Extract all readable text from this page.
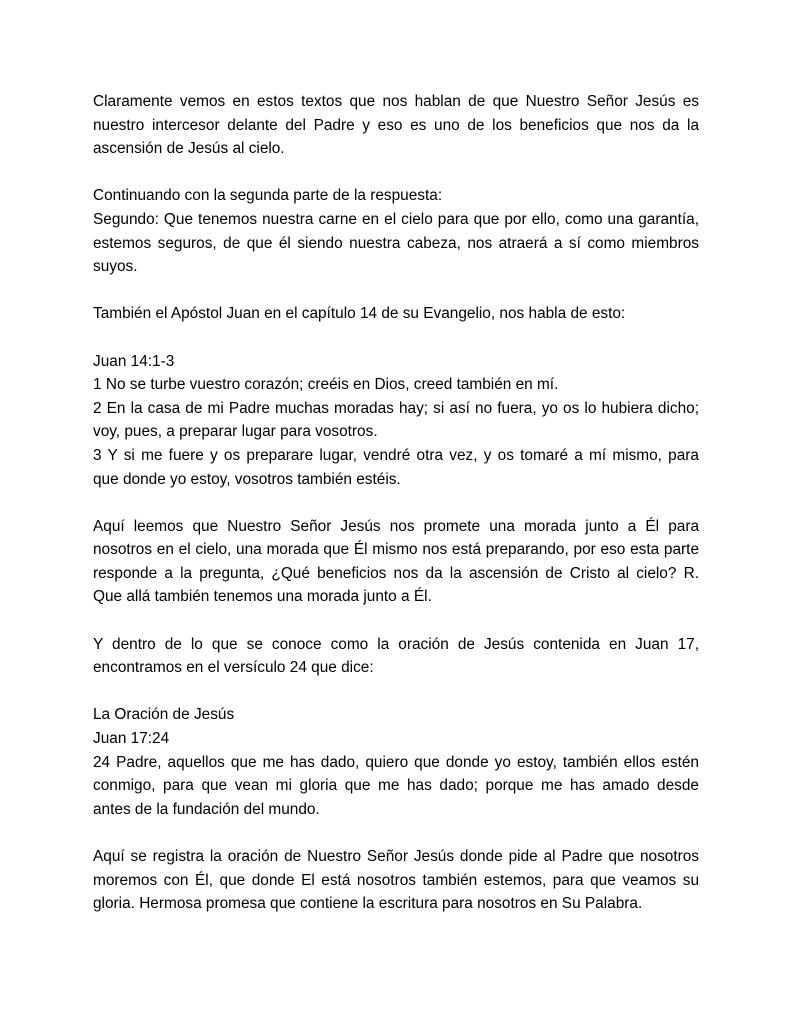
Claramente vemos en estos textos que nos hablan de que Nuestro Señor Jesús es
nuestro intercesor delante del Padre y eso es uno de los beneficios que nos da la
ascensión de Jesús al cielo.
Continuando con la segunda parte de la respuesta:
Segundo: Que tenemos nuestra carne en el cielo para que por ello, como una garantía,
estemos seguros, de que él siendo nuestra cabeza, nos atraerá a sí como miembros
suyos.
También el Apóstol Juan en el capítulo 14 de su Evangelio, nos habla de esto:
Juan 14:1-3
1 No se turbe vuestro corazón; creéis en Dios, creed también en mí.
2 En la casa de mi Padre muchas moradas hay; si así no fuera, yo os lo hubiera dicho;
voy, pues, a preparar lugar para vosotros.
3 Y si me fuere y os preparare lugar, vendré otra vez, y os tomaré a mí mismo, para
que donde yo estoy, vosotros también estéis.
Aquí leemos que Nuestro Señor Jesús nos promete una morada junto a Él para
nosotros en el cielo, una morada que Él mismo nos está preparando, por eso esta parte
responde a la pregunta, ¿Qué beneficios nos da la ascensión de Cristo al cielo? R.
Que allá también tenemos una morada junto a Él.
Y dentro de lo que se conoce como la oración de Jesús contenida en Juan 17,
encontramos en el versículo 24 que dice:
La Oración de Jesús
Juan 17:24
24 Padre, aquellos que me has dado, quiero que donde yo estoy, también ellos estén
conmigo, para que vean mi gloria que me has dado; porque me has amado desde
antes de la fundación del mundo.
Aquí se registra la oración de Nuestro Señor Jesús donde pide al Padre que nosotros
moremos con Él, que donde El está nosotros también estemos, para que veamos su
gloria. Hermosa promesa que contiene la escritura para nosotros en Su Palabra.
